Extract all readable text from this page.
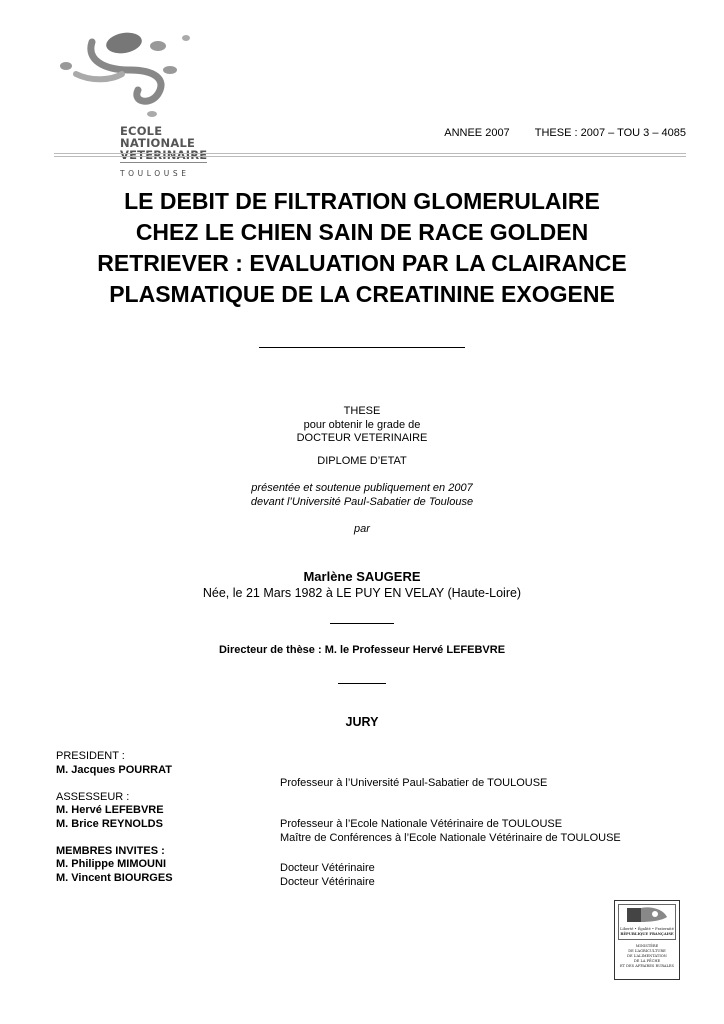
ECOLE
NATIONALE
VETERINAIRE
TOULOUSE
ANNEE 2007 THESE : 2007 – TOU 3 – 4085
LE DEBIT DE FILTRATION GLOMERULAIRE
CHEZ LE CHIEN SAIN DE RACE GOLDEN
RETRIEVER : EVALUATION PAR LA CLAIRANCE
PLASMATIQUE DE LA CREATININE EXOGENE
THESE
pour obtenir le grade de
DOCTEUR VETERINAIRE
DIPLOME D’ETAT
présentée et soutenue publiquement en 2007
devant l’Université Paul-Sabatier de Toulouse
par
Marlène SAUGERE
Née, le 21 Mars 1982 à LE PUY EN VELAY (Haute-Loire)
Directeur de thèse : M. le Professeur Hervé LEFEBVRE
JURY
PRESIDENT :
M. Jacques POURRAT
ASSESSEUR :
M. Hervé LEFEBVRE
M. Brice REYNOLDS
MEMBRES INVITES :
M. Philippe MIMOUNI
M. Vincent BIOURGES
Professeur à l’Université Paul-Sabatier de TOULOUSE
Professeur à l’Ecole Nationale Vétérinaire de TOULOUSE
Maître de Conférences à l’Ecole Nationale Vétérinaire de TOULOUSE
Docteur Vétérinaire
Docteur Vétérinaire
Liberté • Égalité • Fraternité
RÉPUBLIQUE FRANÇAISE
MINISTÈRE
DE L’AGRICULTURE
DE L’ALIMENTATION
DE LA PÊCHE
ET DES AFFAIRES RURALES
